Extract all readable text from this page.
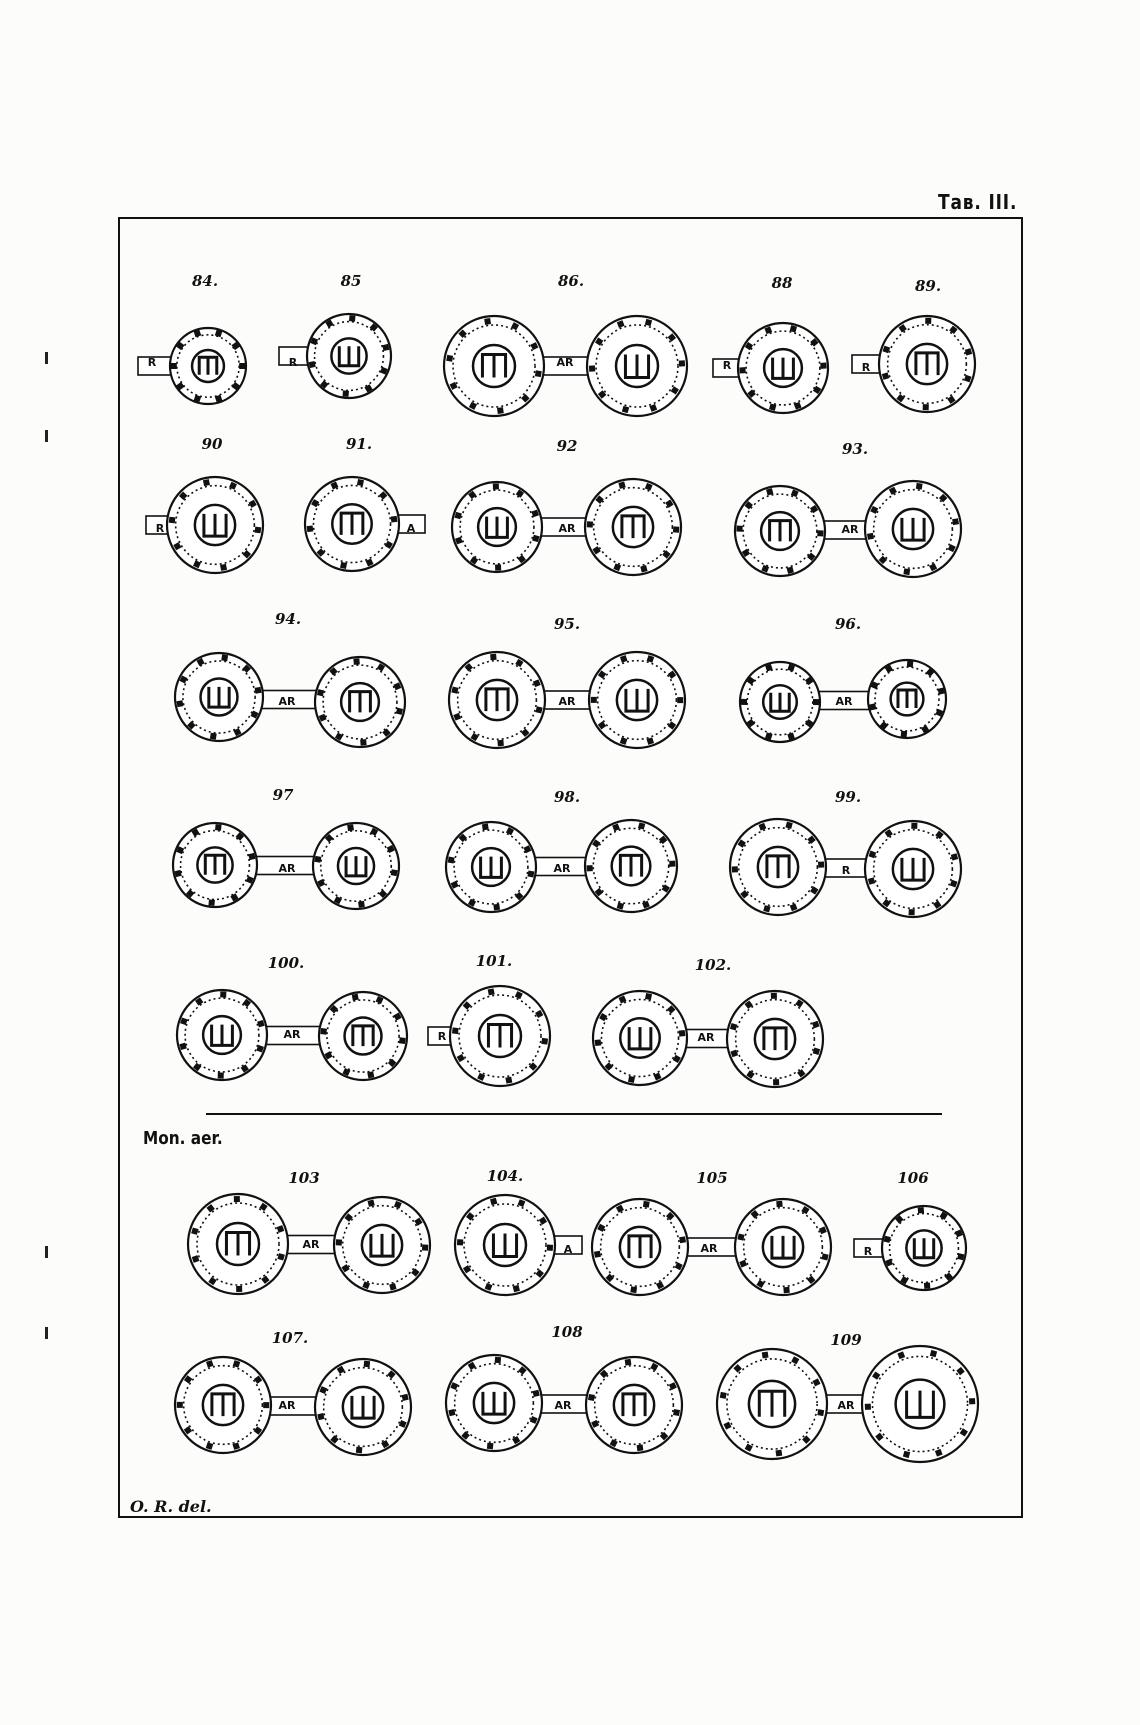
Тав. III.
R	R	AR	R	R
R	A	AR	AR
AR	AR	AR
AR	AR	R
AR	R	AR
AR	A	AR	R
AR	AR	AR
84.	85	86.	88	89.
90	91.	92	93.
94.	95.	96.
97	98.	99.
100.	101.	102.
103	104.	105	106
107.	108	109
Mon. aer.
O. R. del.
